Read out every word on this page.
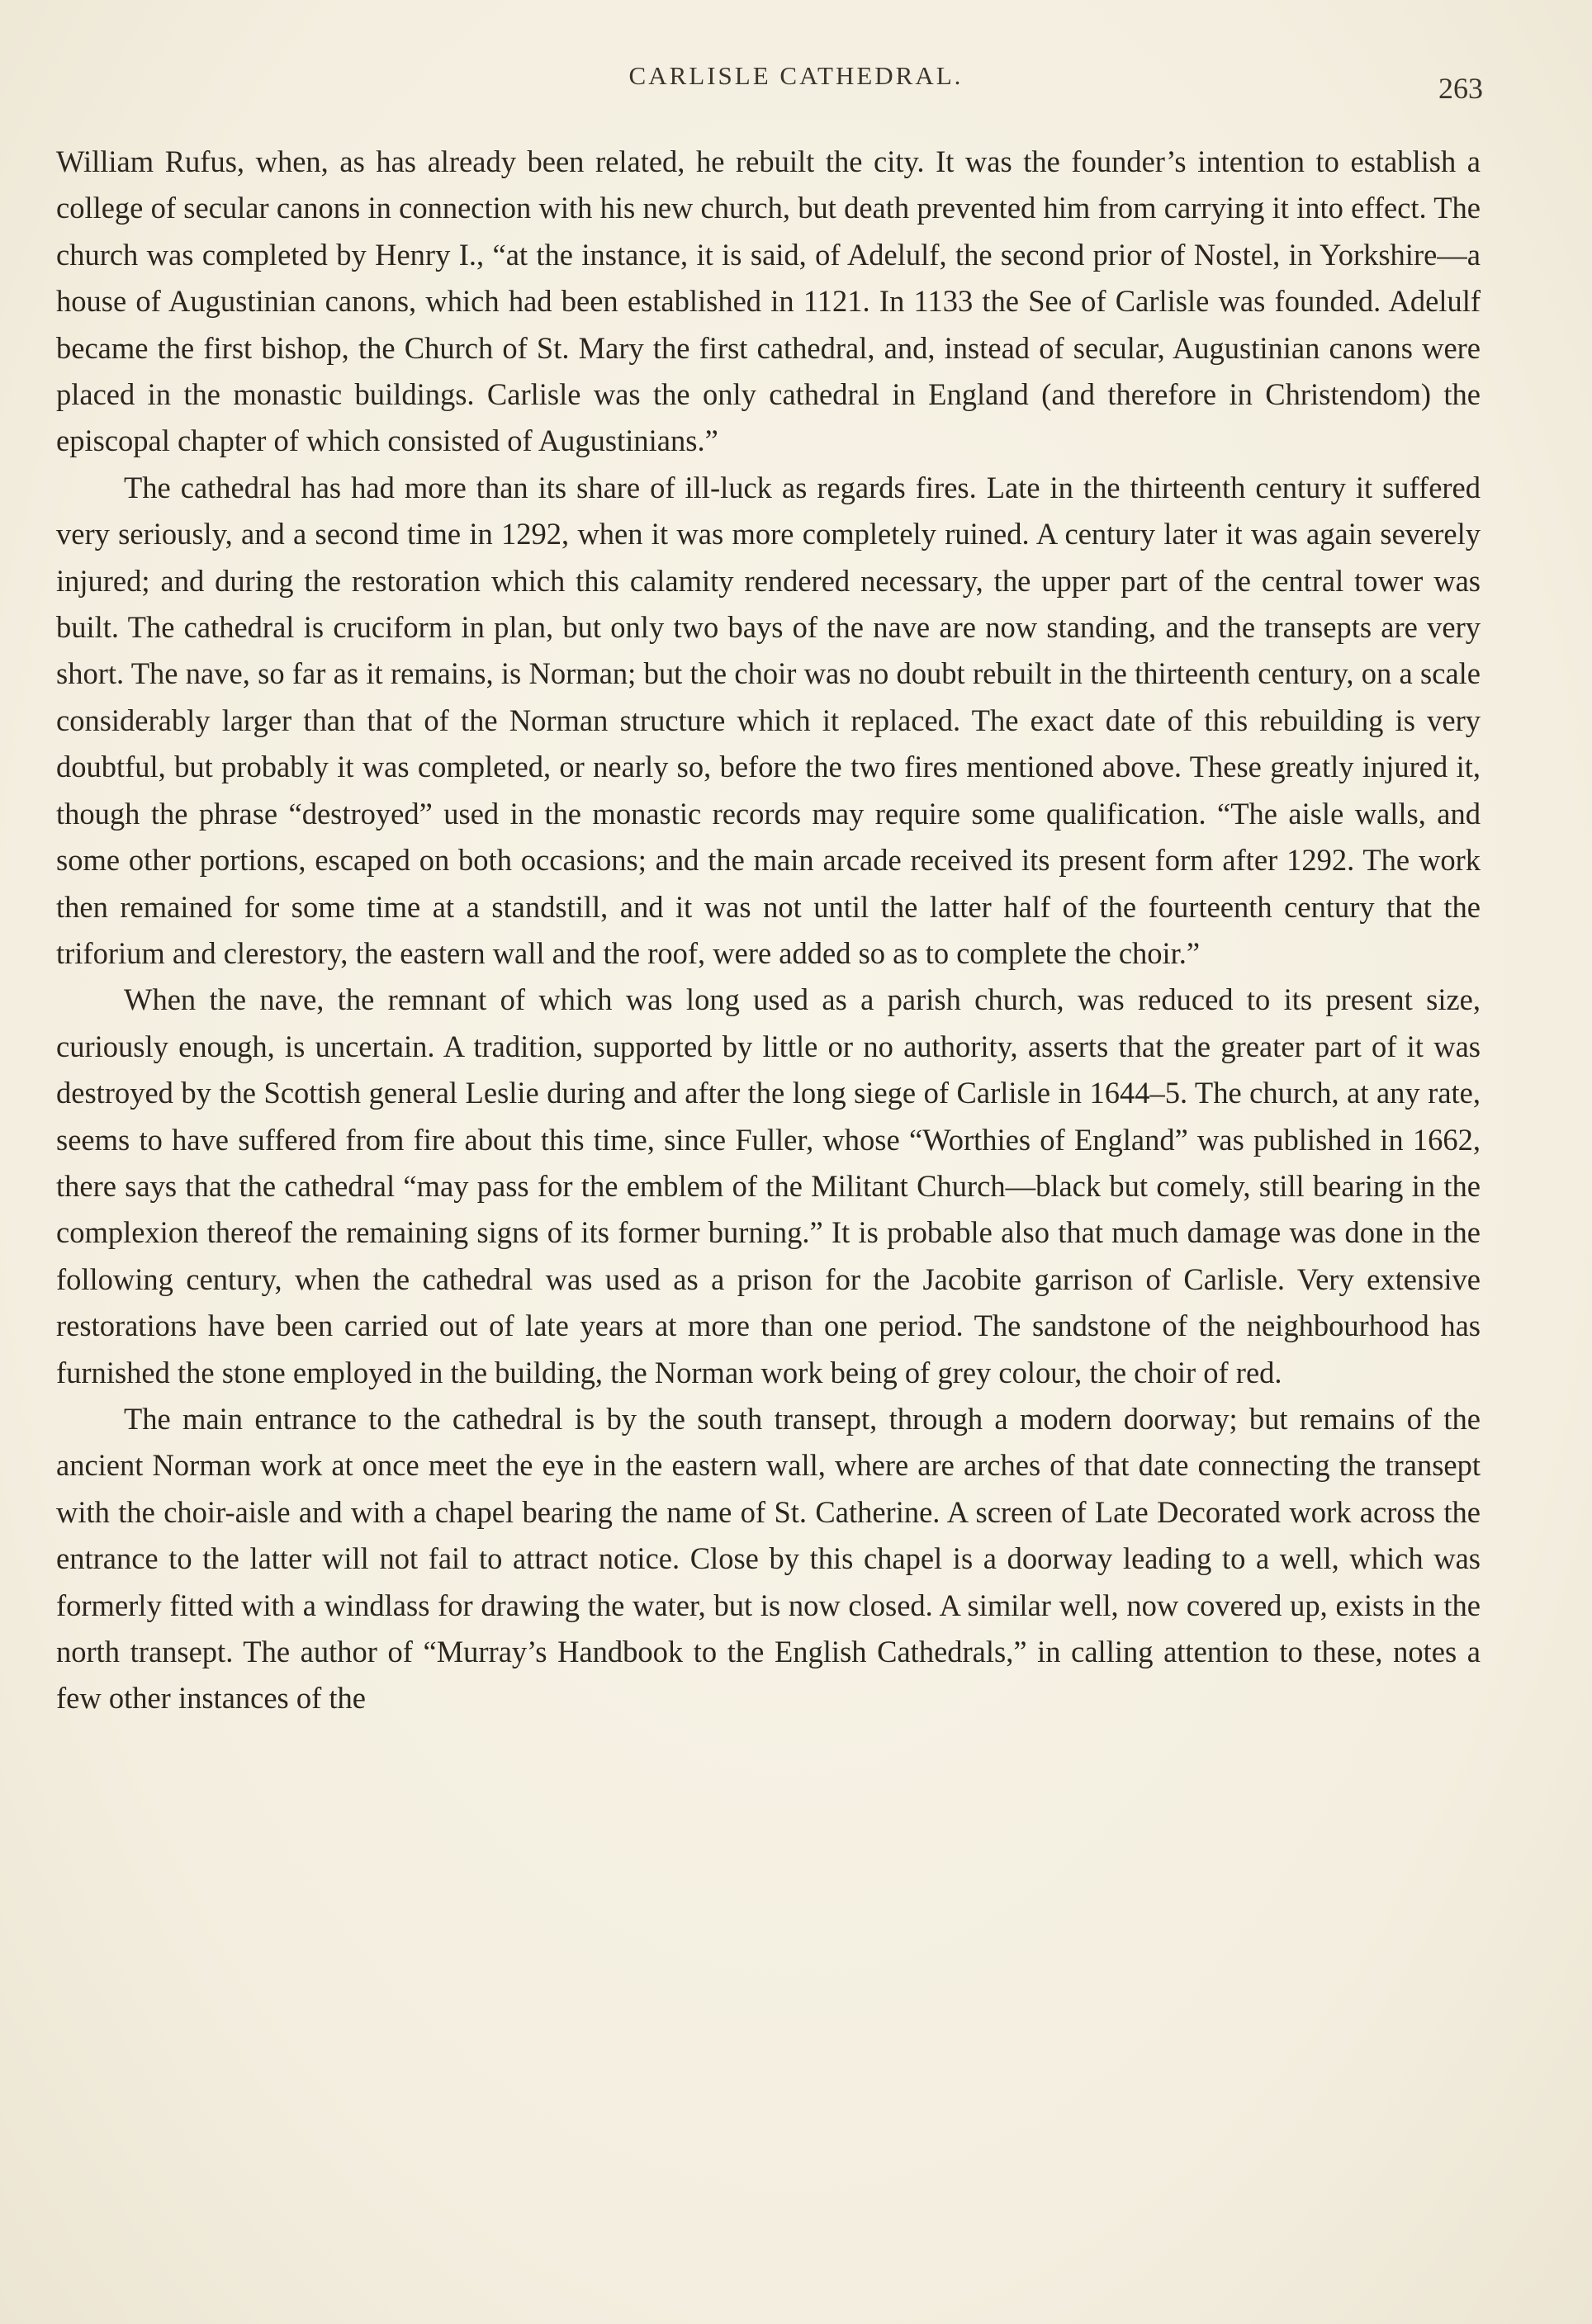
CARLISLE CATHEDRAL.	263

William Rufus, when, as has already been related, he rebuilt the city. It was the founder’s intention to establish a college of secular canons in connection with his new church, but death prevented him from carrying it into effect. The church was completed by Henry I., “at the instance, it is said, of Adelulf, the second prior of Nostel, in Yorkshire—a house of Augustinian canons, which had been established in 1121. In 1133 the See of Carlisle was founded. Adelulf became the first bishop, the Church of St. Mary the first cathedral, and, instead of secular, Augustinian canons were placed in the monastic buildings. Carlisle was the only cathedral in England (and therefore in Christendom) the episcopal chapter of which consisted of Augustinians.”

The cathedral has had more than its share of ill-luck as regards fires. Late in the thirteenth century it suffered very seriously, and a second time in 1292, when it was more completely ruined. A century later it was again severely injured; and during the restoration which this calamity rendered necessary, the upper part of the central tower was built. The cathedral is cruciform in plan, but only two bays of the nave are now standing, and the transepts are very short. The nave, so far as it remains, is Norman; but the choir was no doubt rebuilt in the thirteenth century, on a scale considerably larger than that of the Norman structure which it replaced. The exact date of this rebuilding is very doubtful, but probably it was completed, or nearly so, before the two fires mentioned above. These greatly injured it, though the phrase “destroyed” used in the monastic records may require some qualification. “The aisle walls, and some other portions, escaped on both occasions; and the main arcade received its present form after 1292. The work then remained for some time at a standstill, and it was not until the latter half of the fourteenth century that the triforium and clerestory, the eastern wall and the roof, were added so as to complete the choir.”

When the nave, the remnant of which was long used as a parish church, was reduced to its present size, curiously enough, is uncertain. A tradition, supported by little or no authority, asserts that the greater part of it was destroyed by the Scottish general Leslie during and after the long siege of Carlisle in 1644–5. The church, at any rate, seems to have suffered from fire about this time, since Fuller, whose “Worthies of England” was published in 1662, there says that the cathedral “may pass for the emblem of the Militant Church—black but comely, still bearing in the complexion thereof the remaining signs of its former burning.” It is probable also that much damage was done in the following century, when the cathedral was used as a prison for the Jacobite garrison of Carlisle. Very extensive restorations have been carried out of late years at more than one period. The sandstone of the neighbourhood has furnished the stone employed in the building, the Norman work being of grey colour, the choir of red.

The main entrance to the cathedral is by the south transept, through a modern doorway; but remains of the ancient Norman work at once meet the eye in the eastern wall, where are arches of that date connecting the transept with the choir-aisle and with a chapel bearing the name of St. Catherine. A screen of Late Decorated work across the entrance to the latter will not fail to attract notice. Close by this chapel is a doorway leading to a well, which was formerly fitted with a windlass for drawing the water, but is now closed. A similar well, now covered up, exists in the north transept. The author of “Murray’s Handbook to the English Cathedrals,” in calling attention to these, notes a few other instances of the
